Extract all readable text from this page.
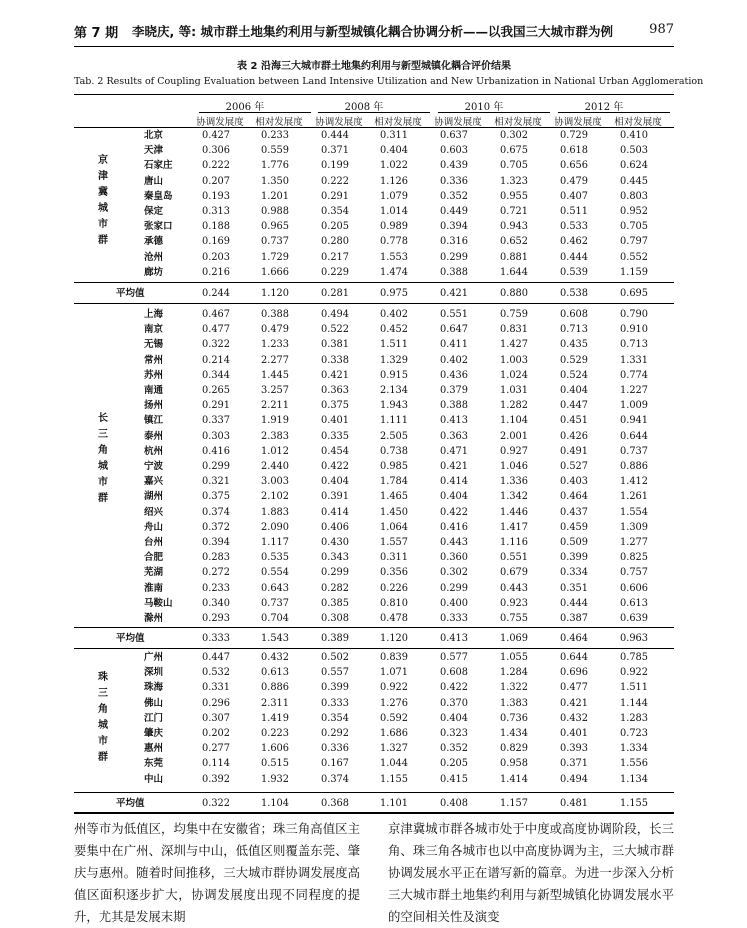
第 7 期 李晓庆, 等: 城市群土地集约利用与新型城镇化耦合协调分析——以我国三大城市群为例	987
表 2 沿海三大城市群土地集约利用与新型城镇化耦合评价结果
Tab. 2 Results of Coupling Evaluation between Land Intensive Utilization and New Urbanization in National Urban Agglomeration
2006 年	2008 年	2010 年	2012 年
协调发展度	相对发展度	协调发展度	相对发展度	协调发展度	相对发展度	协调发展度	相对发展度
京
津
冀
城
市
群
北京	0.427	0.233	0.444	0.311	0.637	0.302	0.729	0.410
天津	0.306	0.559	0.371	0.404	0.603	0.675	0.618	0.503
石家庄	0.222	1.776	0.199	1.022	0.439	0.705	0.656	0.624
唐山	0.207	1.350	0.222	1.126	0.336	1.323	0.479	0.445
秦皇岛	0.193	1.201	0.291	1.079	0.352	0.955	0.407	0.803
保定	0.313	0.988	0.354	1.014	0.449	0.721	0.511	0.952
张家口	0.188	0.965	0.205	0.989	0.394	0.943	0.533	0.705
承德	0.169	0.737	0.280	0.778	0.316	0.652	0.462	0.797
沧州	0.203	1.729	0.217	1.553	0.299	0.881	0.444	0.552
廊坊	0.216	1.666	0.229	1.474	0.388	1.644	0.539	1.159
平均值	0.244	1.120	0.281	0.975	0.421	0.880	0.538	0.695
长
三
角
城
市
群
上海	0.467	0.388	0.494	0.402	0.551	0.759	0.608	0.790
南京	0.477	0.479	0.522	0.452	0.647	0.831	0.713	0.910
无锡	0.322	1.233	0.381	1.511	0.411	1.427	0.435	0.713
常州	0.214	2.277	0.338	1.329	0.402	1.003	0.529	1.331
苏州	0.344	1.445	0.421	0.915	0.436	1.024	0.524	0.774
南通	0.265	3.257	0.363	2.134	0.379	1.031	0.404	1.227
扬州	0.291	2.211	0.375	1.943	0.388	1.282	0.447	1.009
镇江	0.337	1.919	0.401	1.111	0.413	1.104	0.451	0.941
泰州	0.303	2.383	0.335	2.505	0.363	2.001	0.426	0.644
杭州	0.416	1.012	0.454	0.738	0.471	0.927	0.491	0.737
宁波	0.299	2.440	0.422	0.985	0.421	1.046	0.527	0.886
嘉兴	0.321	3.003	0.404	1.784	0.414	1.336	0.403	1.412
湖州	0.375	2.102	0.391	1.465	0.404	1.342	0.464	1.261
绍兴	0.374	1.883	0.414	1.450	0.422	1.446	0.437	1.554
舟山	0.372	2.090	0.406	1.064	0.416	1.417	0.459	1.309
台州	0.394	1.117	0.430	1.557	0.443	1.116	0.509	1.277
合肥	0.283	0.535	0.343	0.311	0.360	0.551	0.399	0.825
芜湖	0.272	0.554	0.299	0.356	0.302	0.679	0.334	0.757
淮南	0.233	0.643	0.282	0.226	0.299	0.443	0.351	0.606
马鞍山	0.340	0.737	0.385	0.810	0.400	0.923	0.444	0.613
滁州	0.293	0.704	0.308	0.478	0.333	0.755	0.387	0.639
平均值	0.333	1.543	0.389	1.120	0.413	1.069	0.464	0.963
珠
三
角
城
市
群
广州	0.447	0.432	0.502	0.839	0.577	1.055	0.644	0.785
深圳	0.532	0.613	0.557	1.071	0.608	1.284	0.696	0.922
珠海	0.331	0.886	0.399	0.922	0.422	1.322	0.477	1.511
佛山	0.296	2.311	0.333	1.276	0.370	1.383	0.421	1.144
江门	0.307	1.419	0.354	0.592	0.404	0.736	0.432	1.283
肇庆	0.202	0.223	0.292	1.686	0.323	1.434	0.401	0.723
惠州	0.277	1.606	0.336	1.327	0.352	0.829	0.393	1.334
东莞	0.114	0.515	0.167	1.044	0.205	0.958	0.371	1.556
中山	0.392	1.932	0.374	1.155	0.415	1.414	0.494	1.134
平均值	0.322	1.104	0.368	1.101	0.408	1.157	0.481	1.155

州等市为低值区，均集中在安徽省；珠三角高值区主要集中在广州、深圳与中山，低值区则覆盖东莞、肇庆与惠州。随着时间推移，三大城市群协调发展度高值区面积逐步扩大，协调发展度出现不同程度的提升，尤其是发展末期

京津冀城市群各城市处于中度或高度协调阶段，长三角、珠三角各城市也以中高度协调为主，三大城市群协调发展水平正在谱写新的篇章。为进一步深入分析三大城市群土地集约利用与新型城镇化协调发展水平的空间相关性及演变
